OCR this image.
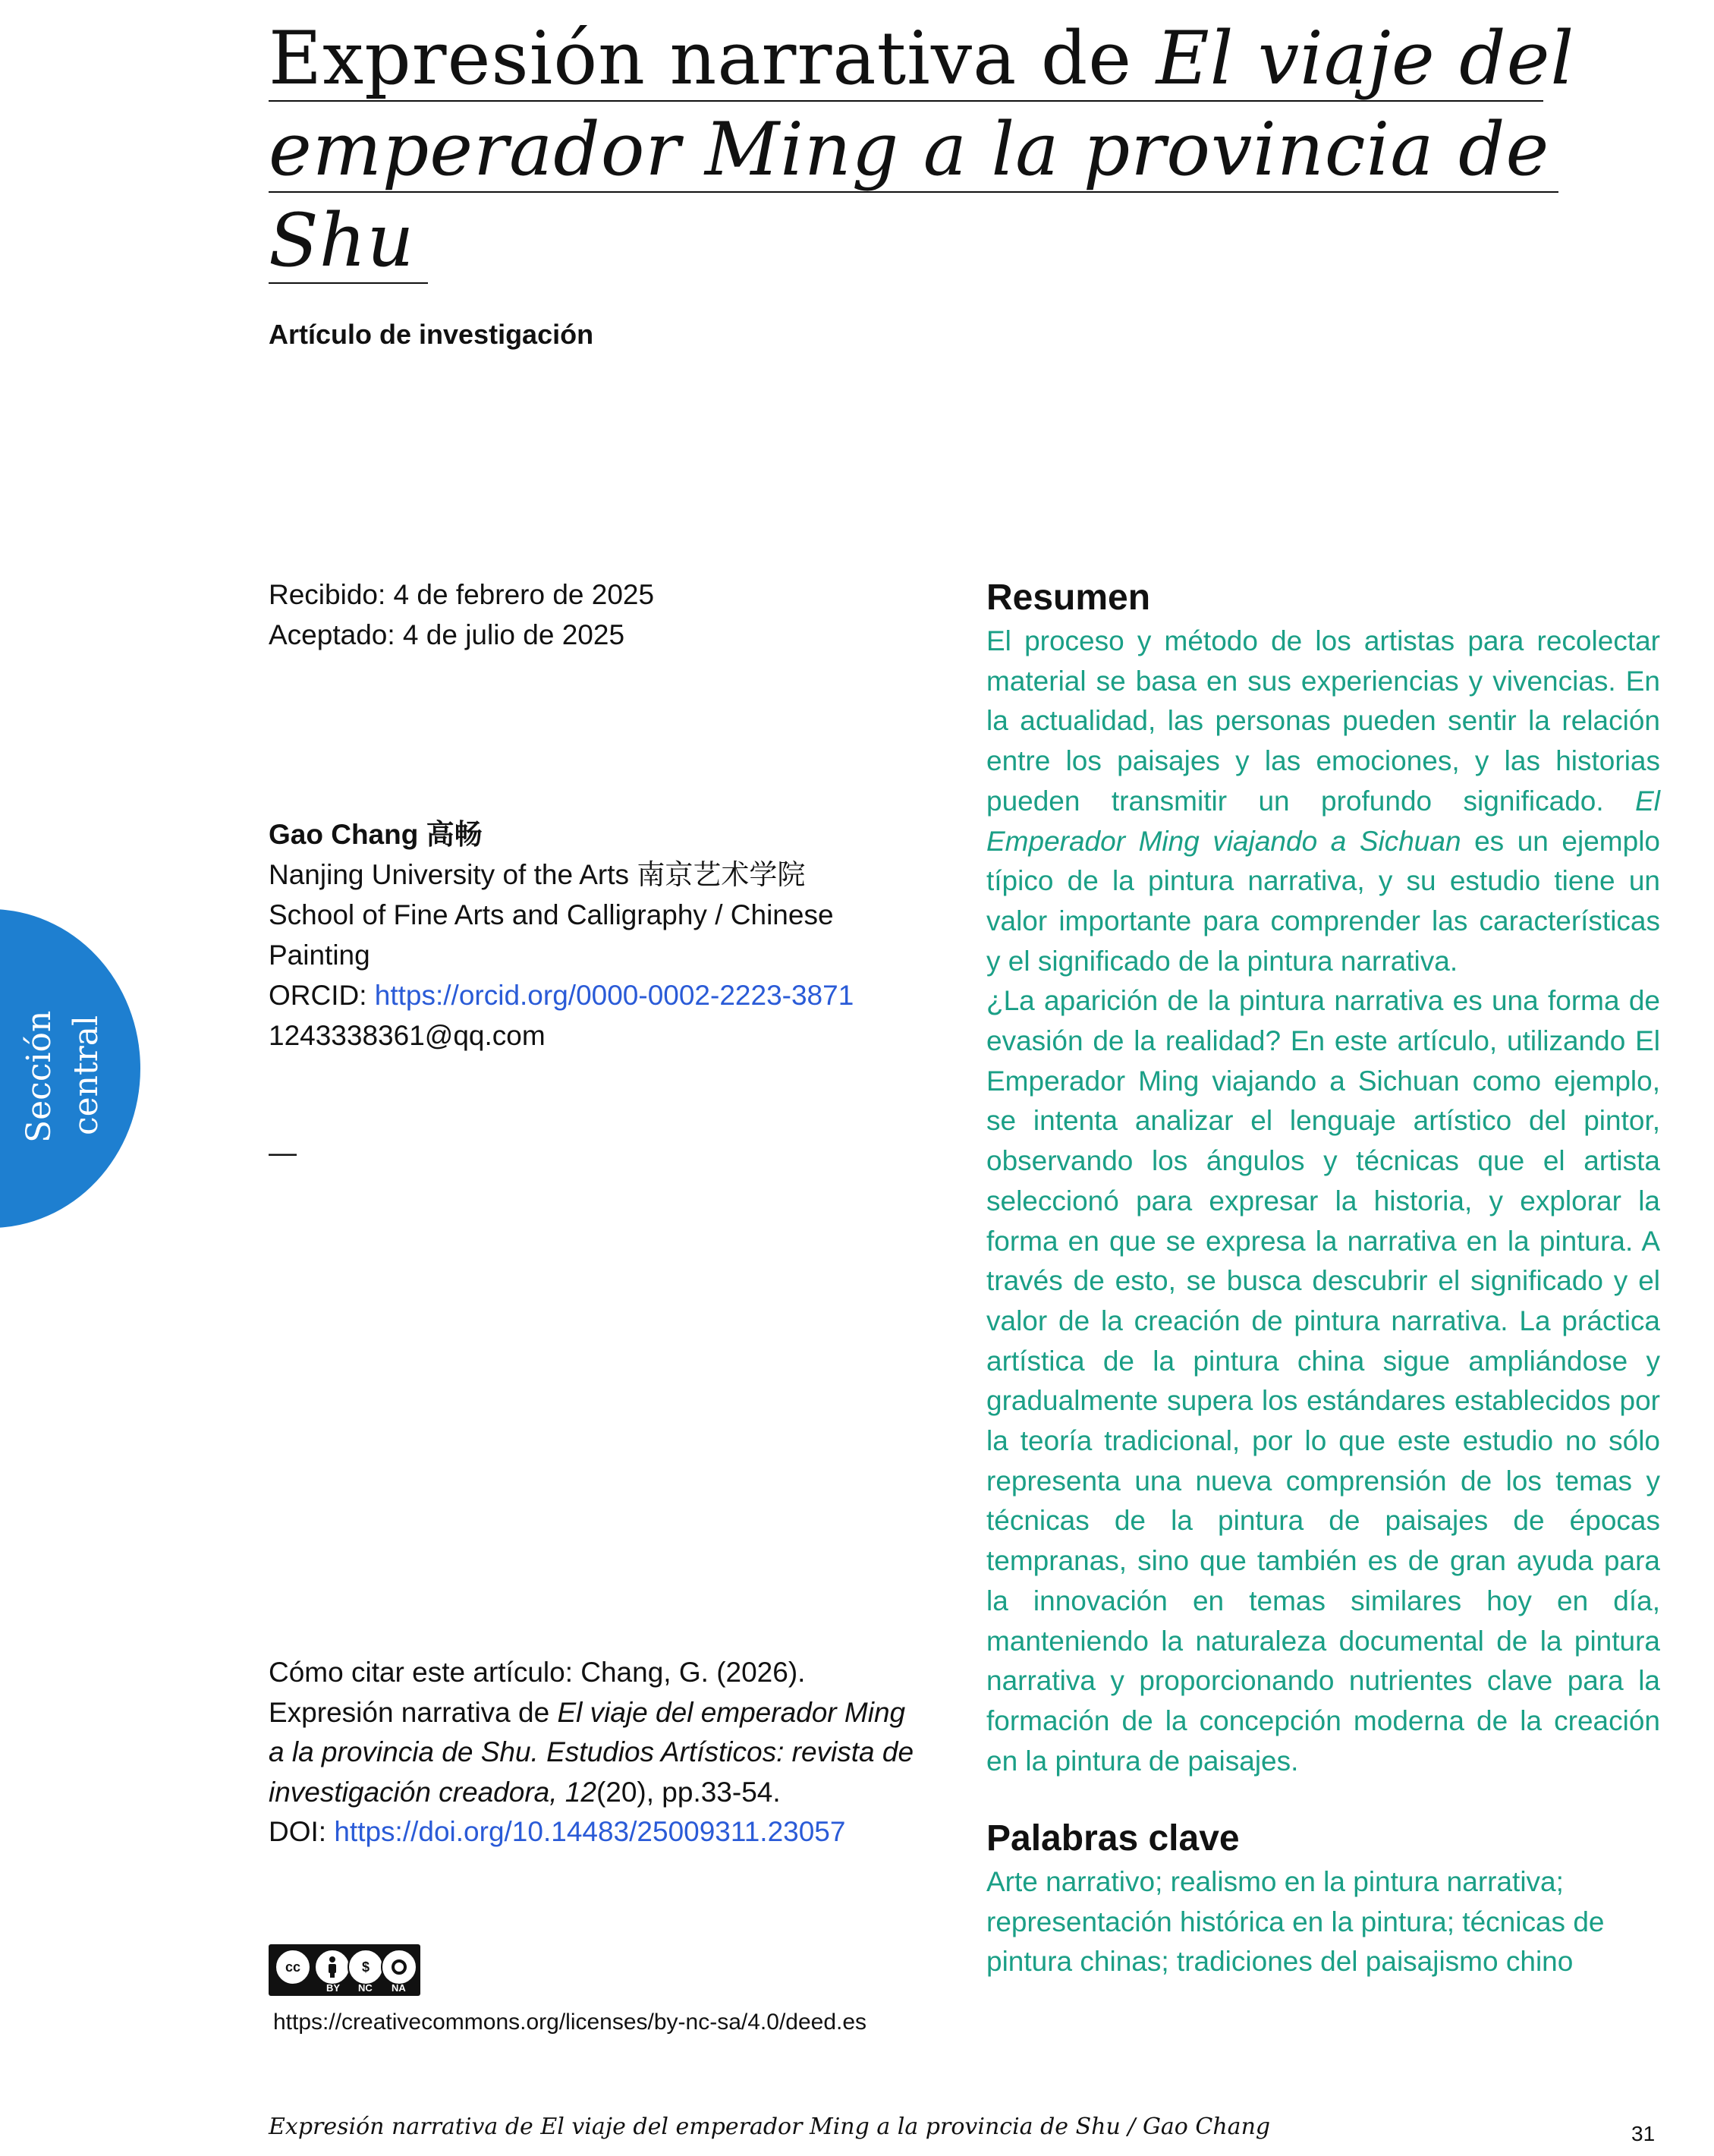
Expresión narrativa de El viaje del
emperador Ming a la provincia de
Shu
Artículo de investigación
Recibido: 4 de febrero de 2025
Aceptado: 4 de julio de 2025
Gao Chang 高畅
Nanjing University of the Arts 南京艺术学院
School of Fine Arts and Calligraphy / Chinese
Painting
ORCID: https://orcid.org/0000-0002-2223-3871
1243338361@qq.com
—
Cómo citar este artículo: Chang, G. (2026).
Expresión narrativa de El viaje del emperador Ming
a la provincia de Shu. Estudios Artísticos: revista de
investigación creadora, 12(20), pp.33-54.
DOI: https://doi.org/10.14483/25009311.23057
cc	$
BY NC NA
https://creativecommons.org/licenses/by-nc-sa/4.0/deed.es
Resumen
El proceso y método de los artistas para recolectar material se basa en sus experiencias y vivencias. En la actualidad, las personas pueden sentir la relación entre los paisajes y las emociones, y las historias pueden transmitir un profundo significado. El Emperador Ming viajando a Sichuan es un ejemplo típico de la pintura narrativa, y su estudio tiene un valor importante para comprender las características y el significado de la pintura narrativa.
¿La aparición de la pintura narrativa es una forma de evasión de la realidad? En este artículo, utilizando El Emperador Ming viajando a Sichuan como ejemplo, se intenta analizar el lenguaje artístico del pintor, observando los ángulos y técnicas que el artista seleccionó para expresar la historia, y explorar la forma en que se expresa la narrativa en la pintura. A través de esto, se busca descubrir el significado y el valor de la creación de pintura narrativa. La práctica artística de la pintura china sigue ampliándose y gradualmente supera los estándares establecidos por la teoría tradicional, por lo que este estudio no sólo representa una nueva comprensión de los temas y técnicas de la pintura de paisajes de épocas tempranas, sino que también es de gran ayuda para la innovación en temas similares hoy en día, manteniendo la naturaleza documental de la pintura narrativa y proporcionando nutrientes clave para la formación de la concepción moderna de la creación en la pintura de paisajes.
Palabras clave
Arte narrativo; realismo en la pintura narrativa;
representación histórica en la pintura; técnicas de
pintura chinas; tradiciones del paisajismo chino
Sección central
Expresión narrativa de El viaje del emperador Ming a la provincia de Shu / Gao Chang	31
